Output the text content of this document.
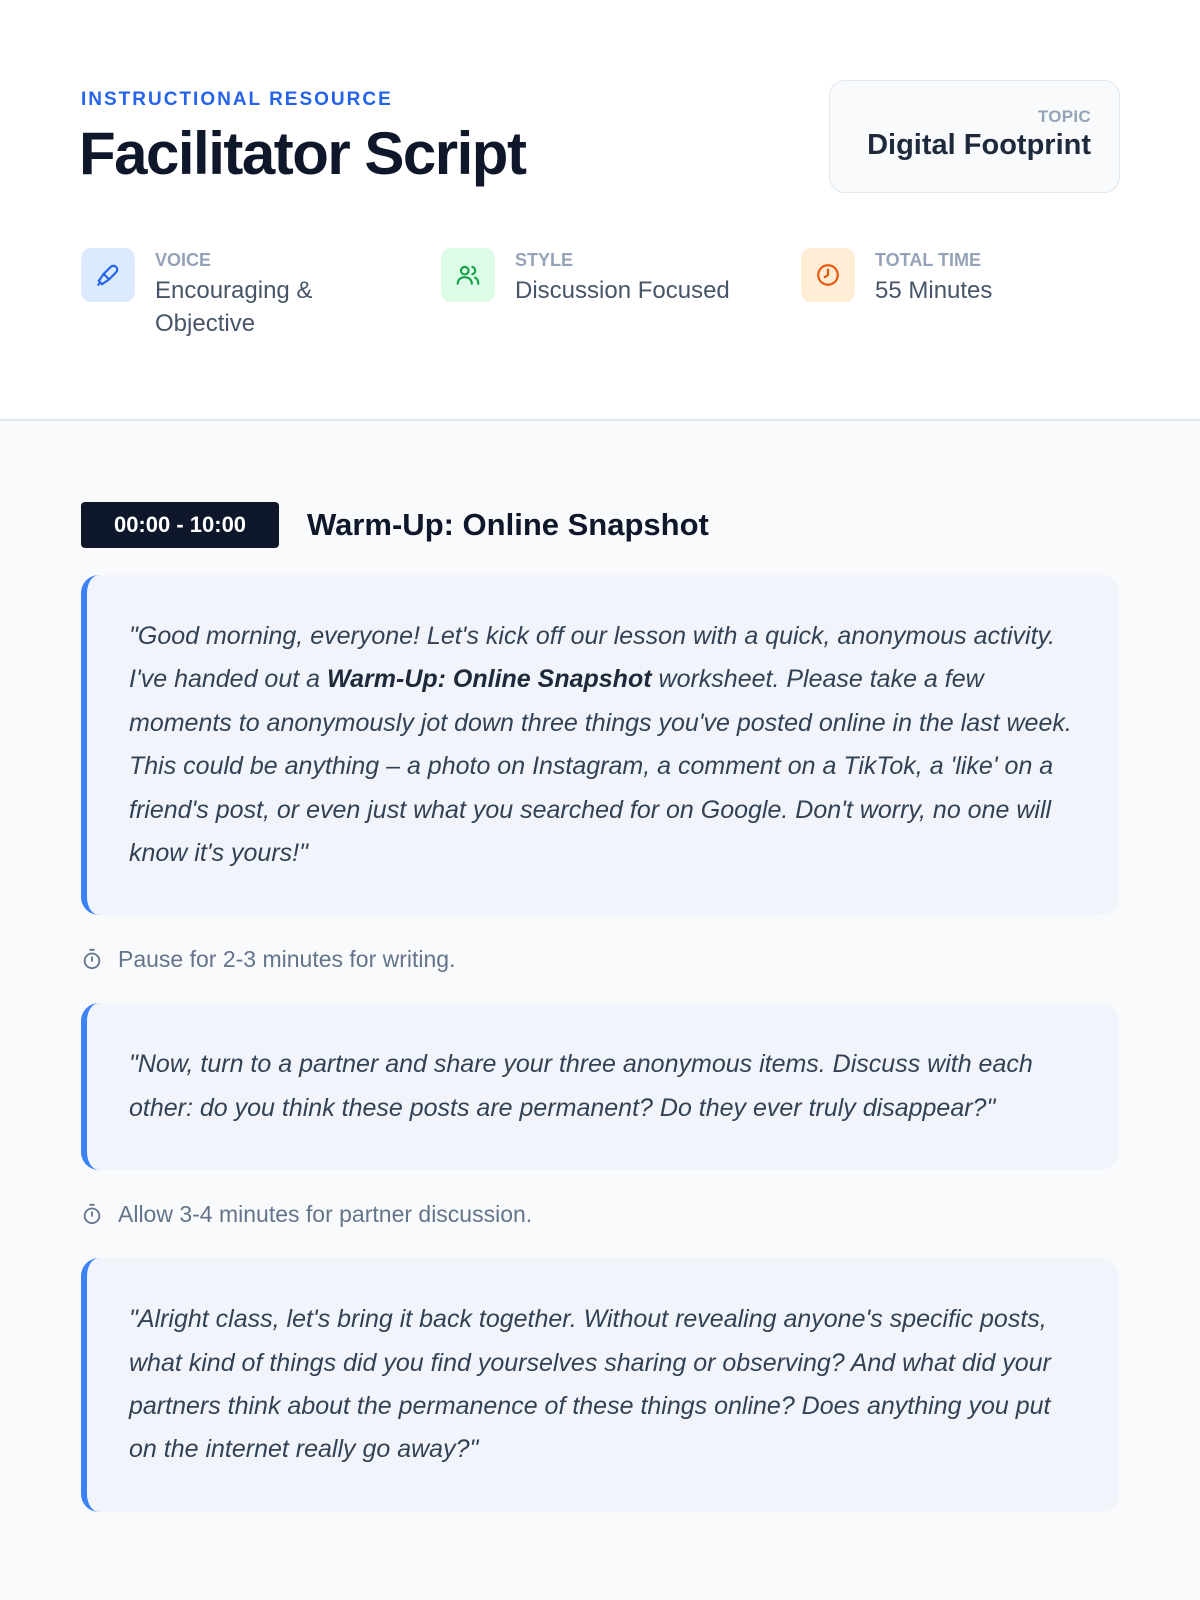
INSTRUCTIONAL RESOURCE
Facilitator Script
TOPIC
Digital Footprint
VOICE
Encouraging & Objective
STYLE
Discussion Focused
TOTAL TIME
55 Minutes
00:00 - 10:00	Warm-Up: Online Snapshot
"Good morning, everyone! Let's kick off our lesson with a quick, anonymous activity. I've handed out a Warm-Up: Online Snapshot worksheet. Please take a few moments to anonymously jot down three things you've posted online in the last week. This could be anything – a photo on Instagram, a comment on a TikTok, a 'like' on a friend's post, or even just what you searched for on Google. Don't worry, no one will know it's yours!"
Pause for 2-3 minutes for writing.
"Now, turn to a partner and share your three anonymous items. Discuss with each other: do you think these posts are permanent? Do they ever truly disappear?"
Allow 3-4 minutes for partner discussion.
"Alright class, let's bring it back together. Without revealing anyone's specific posts, what kind of things did you find yourselves sharing or observing? And what did your partners think about the permanence of these things online? Does anything you put on the internet really go away?"
